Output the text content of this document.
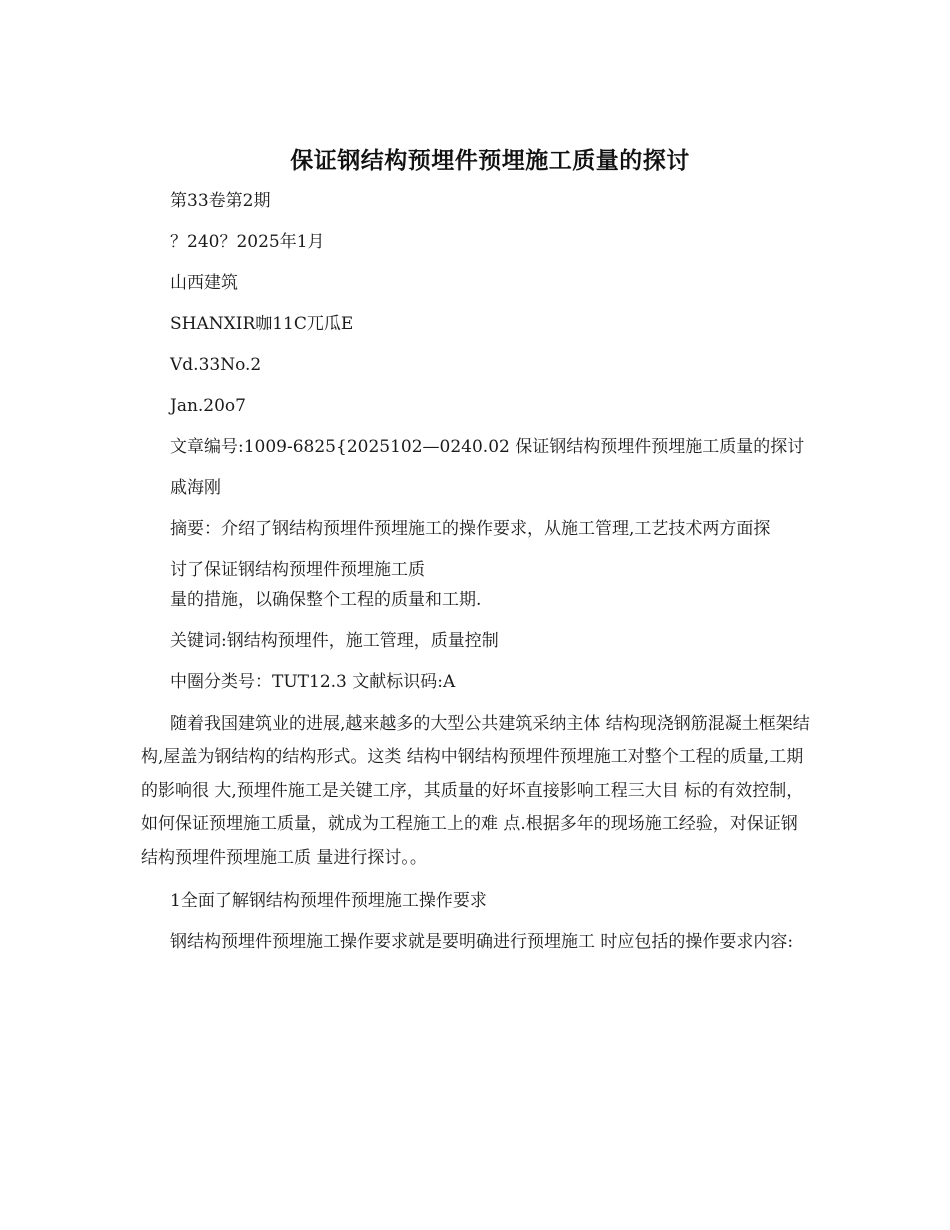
保证钢结构预埋件预埋施工质量的探讨

第33卷第2期

？240？2025年1月

山西建筑

SHANXIR咖11C兀瓜E

Vd.33No.2

Jan.20o7

文章编号:1009-6825{2025102—0240.02 保证钢结构预埋件预埋施工质量的探讨

戚海刚

摘要：介绍了钢结构预埋件预埋施工的操作要求，从施工管理,工艺技术两方面探

讨了保证钢结构预埋件预埋施工质

量的措施，以确保整个工程的质量和工期.

关键词:钢结构预埋件，施工管理，质量控制

中圈分类号：TUT12.3 文献标识码:A

随着我国建筑业的进展,越来越多的大型公共建筑采纳主体 结构现浇钢筋混凝土框架结构,屋盖为钢结构的结构形式。这类 结构中钢结构预埋件预埋施工对整个工程的质量,工期的影响很 大,预埋件施工是关键工序，其质量的好坏直接影响工程三大目 标的有效控制，如何保证预埋施工质量，就成为工程施工上的难 点.根据多年的现场施工经验，对保证钢结构预埋件预埋施工质 量进行探讨。。

1全面了解钢结构预埋件预埋施工操作要求

钢结构预埋件预埋施工操作要求就是要明确进行预埋施工 时应包括的操作要求内容:
